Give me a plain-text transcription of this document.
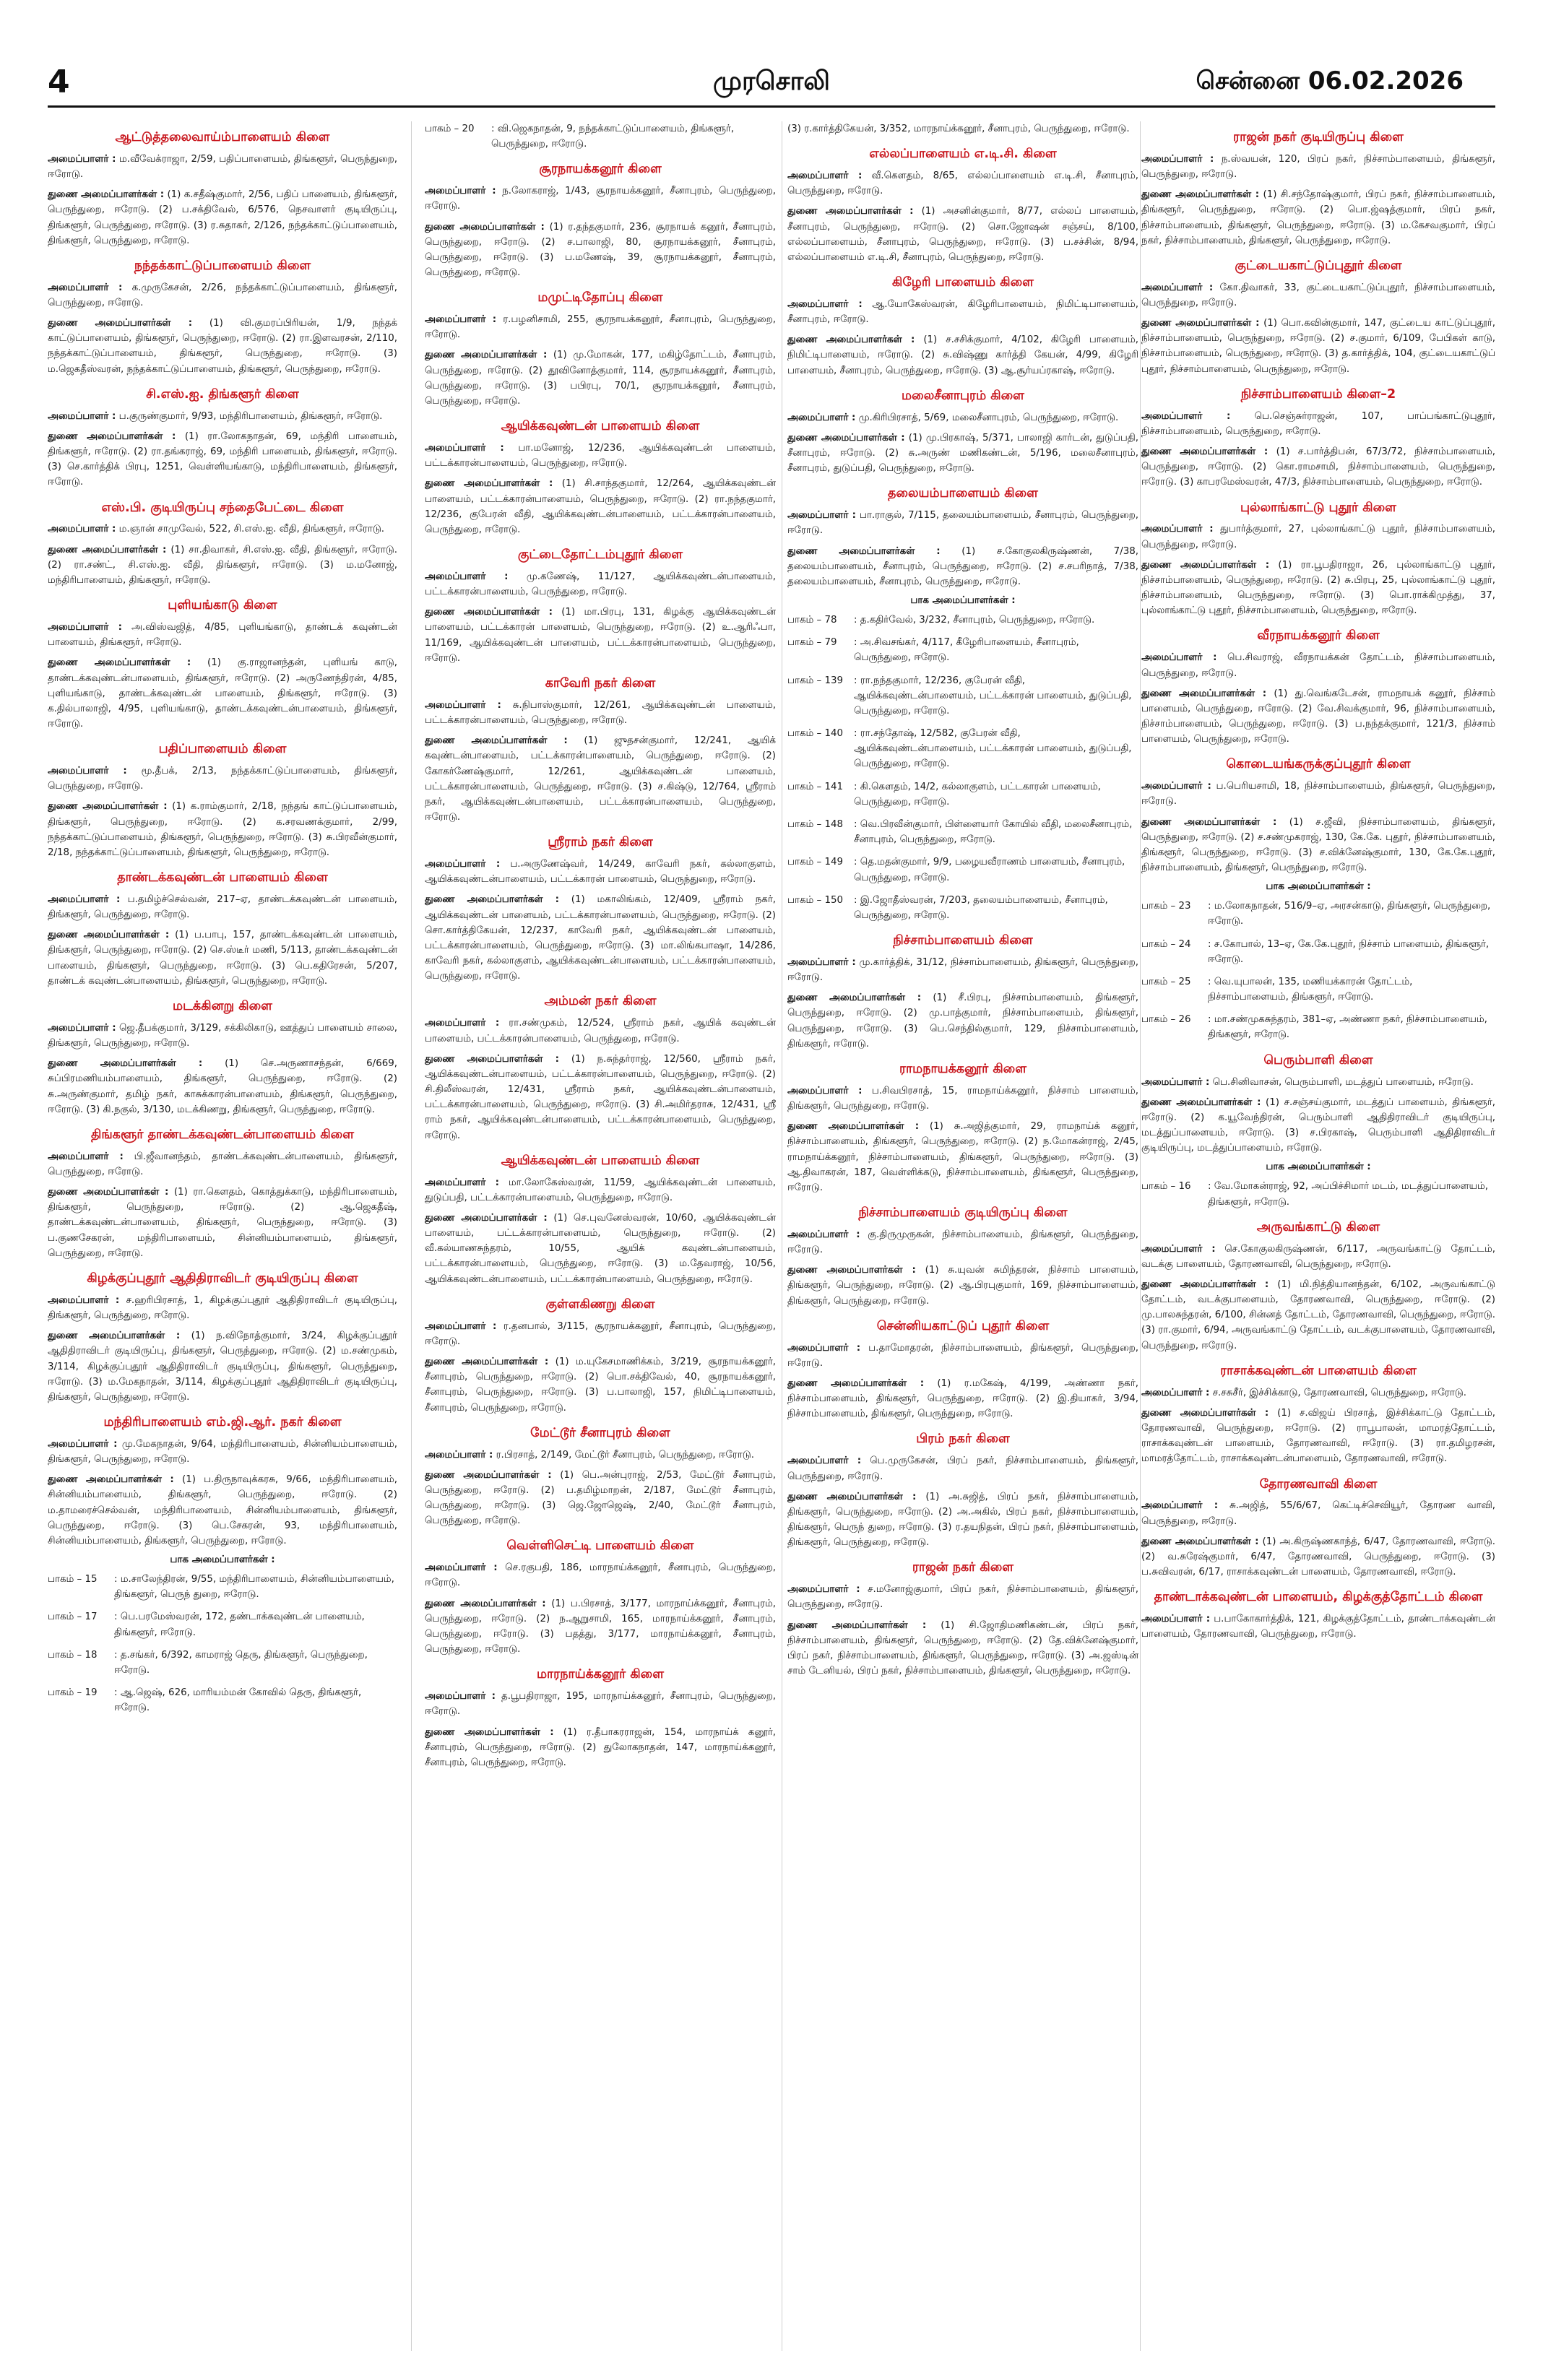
4	முரசொலி	சென்னை 06.02.2026
ஆட்டுத்தலைவாய்ம்பாளையம் கிளை

அமைப்பாளர் : ம.வீவேக்ராஜா, 2/59, பதிப்பாளையம், திங்களூர், பெருந்துறை, ஈரோடு.

துணை அமைப்பாளர்கள் : (1) க.சதீஷ்குமார், 2/56, பதிப் பாளையம், திங்களூர், பெருந்துறை, ஈரோடு. (2) ப.சக்திவேல், 6/576, நெசவாளர் குடியிருப்பு, திங்களூர், பெருந்துறை, ஈரோடு. (3) ர.சுதாகர், 2/126, நந்தக்காட்டுப்பாளையம், திங்களூர், பெருந்துறை, ஈரோடு.

நந்தக்காட்டுப்பாளையம் கிளை

அமைப்பாளர் : க.முருகேசன், 2/26, நந்தக்காட்டுப்பாளையம், திங்களூர், பெருந்துறை, ஈரோடு.

துணை அமைப்பாளர்கள் : (1) வி.குமரப்பிரியன், 1/9, நந்தக் காட்டுப்பாளையம், திங்களூர், பெருந்துறை, ஈரோடு. (2) ரா.இளவரசன், 2/110, நந்தக்காட்டுப்பாளையம், திங்களூர், பெருந்துறை, ஈரோடு. (3) ம.ஜெகதீஸ்வரன், நந்தக்காட்டுப்பாளையம், திங்களூர், பெருந்துறை, ஈரோடு.

சி.எஸ்.ஐ. திங்களூர் கிளை

அமைப்பாளர் : ப.குருண்குமார், 9/93, மந்திரிபாளையம், திங்களூர், ஈரோடு.

துணை அமைப்பாளர்கள் : (1) ரா.லோகநாதன், 69, மந்திரி பாளையம், திங்களூர், ஈரோடு. (2) ரா.தங்கராஜ், 69, மந்திரி பாளையம், திங்களூர், ஈரோடு. (3) செ.கார்த்திக் பிரபு, 1251, வெள்ளியங்காடு, மந்திரிபாளையம், திங்களூர், ஈரோடு.

எஸ்.பி. குடியிருப்பு சந்தைபேட்டை கிளை

அமைப்பாளர் : ம.ஞான் சாமுவேல், 522, சி.எஸ்.ஐ. வீதி, திங்களூர், ஈரோடு.

துணை அமைப்பாளர்கள் : (1) சா.திவாகர், சி.எஸ்.ஐ. வீதி, திங்களூர், ஈரோடு. (2) ரா.சண்ட், சி.எஸ்.ஐ. வீதி, திங்களூர், ஈரோடு. (3) ம.மனோஜ், மந்திரிபாளையம், திங்களூர், ஈரோடு.

புளியங்காடு கிளை

அமைப்பாளர் : அ.விஸ்வஜித், 4/85, புளியங்காடு, தாண்டக் கவுண்டன் பாளையம், திங்களூர், ஈரோடு.

துணை அமைப்பாளர்கள் : (1) கு.ராஜானந்தன், புளியங் காடு, தாண்டக்கவுண்டன்பாளையம், திங்களூர், ஈரோடு. (2) அருணேந்திரன், 4/85, புளியங்காடு, தாண்டக்கவுண்டன் பாளையம், திங்களூர், ஈரோடு. (3) க.தில்பாலாஜி, 4/95, புளியங்காடு, தாண்டக்கவுண்டன்பாளையம், திங்களூர், ஈரோடு.

பதிப்பாளையம் கிளை

அமைப்பாளர் : மூ.தீபக், 2/13, நந்தக்காட்டுப்பாளையம், திங்களூர், பெருந்துறை, ஈரோடு.

துணை அமைப்பாளர்கள் : (1) க.ராம்குமார், 2/18, நந்தங் காட்டுப்பாளையம், திங்களூர், பெருந்துறை, ஈரோடு. (2) க.சரவணக்குமார், 2/99, நந்தக்காட்டுப்பாளையம், திங்களூர், பெருந்துறை, ஈரோடு. (3) சு.பிரவீன்குமார், 2/18, நந்தக்காட்டுப்பாளையம், திங்களூர், பெருந்துறை, ஈரோடு.

தாண்டக்கவுண்டன் பாளையம் கிளை

அமைப்பாளர் : ப.தமிழ்ச்செல்வன், 217–ஏ, தாண்டக்கவுண்டன் பாளையம், திங்களூர், பெருந்துறை, ஈரோடு.

துணை அமைப்பாளர்கள் : (1) ப.பாபு, 157, தாண்டக்கவுண்டன் பாளையம், திங்களூர், பெருந்துறை, ஈரோடு. (2) செ.ஸ்டீர் மணி, 5/113, தாண்டக்கவுண்டன் பாளையம், திங்களூர், பெருந்துறை, ஈரோடு. (3) பெ.கதிரேசன், 5/207, தாண்டக் கவுண்டன்பாளையம், திங்களூர், பெருந்துறை, ஈரோடு.

மடக்கினறு கிளை

அமைப்பாளர் : ஜெ.தீபக்குமார், 3/129, சக்கிலிகாடு, ஊத்துப் பாளையம் சாலை, திங்களூர், பெருந்துறை, ஈரோடு.

துணை அமைப்பாளர்கள் : (1) செ.அருணாசந்தன், 6/669, சுப்பிரமணியம்பாளையம், திங்களூர், பெருந்துறை, ஈரோடு. (2) சு.அருண்குமார், தமிழ் நகர், காசுக்காரன்பாளையம், திங்களூர், பெருந்துறை, ஈரோடு. (3) கி.நகுல், 3/130, மடக்கிணறு, திங்களூர், பெருந்துறை, ஈரோடு.

திங்களூர் தாண்டக்கவுண்டன்பாளையம் கிளை

அமைப்பாளர் : பி.ஜீவானந்தம், தாண்டக்கவுண்டன்பாளையம், திங்களூர், பெருந்துறை, ஈரோடு.

துணை அமைப்பாளர்கள் : (1) ரா.கௌதம், கொத்துக்காடு, மந்திரிபாளையம், திங்களூர், பெருந்துறை, ஈரோடு. (2) ஆ.ஜெகதீஷ், தாண்டக்கவுண்டன்பாளையம், திங்களூர், பெருந்துறை, ஈரோடு. (3) ப.குணசேகரன், மந்திரிபாளையம், சின்னியம்பாளையம், திங்களூர், பெருந்துறை, ஈரோடு.

கிழக்குப்புதூர் ஆதிதிராவிடர் குடியிருப்பு கிளை

அமைப்பாளர் : ச.ஹரிபிரசாத், 1, கிழக்குப்புதூர் ஆதிதிராவிடர் குடியிருப்பு, திங்களூர், பெருந்துறை, ஈரோடு.

துணை அமைப்பாளர்கள் : (1) ந.விநோத்குமார், 3/24, கிழக்குப்புதூர் ஆதிதிராவிடர் குடியிருப்பு, திங்களூர், பெருந்துறை, ஈரோடு. (2) ம.சண்முகம், 3/114, கிழக்குப்புதூர் ஆதிதிராவிடர் குடியிருப்பு, திங்களூர், பெருந்துறை, ஈரோடு. (3) ம.மேகநாதன், 3/114, கிழக்குப்புதூர் ஆதிதிராவிடர் குடியிருப்பு, திங்களூர், பெருந்துறை, ஈரோடு.

மந்திரிபாளையம் எம்.ஜி.ஆர். நகர் கிளை

அமைப்பாளர் : மு.மேகநாதன், 9/64, மந்திரிபாளையம், சின்னியம்பாளையம், திங்களூர், பெருந்துறை, ஈரோடு.

துணை அமைப்பாளர்கள் : (1) ப.திருநாவுக்கரசு, 9/66, மந்திரிபாளையம், சின்னியம்பாளையம், திங்களூர், பெருந்துறை, ஈரோடு. (2) ம.தாமரைச்செல்வன், மந்திரிபாளையம், சின்னியம்பாளையம், திங்களூர், பெருந்துறை, ஈரோடு. (3) பெ.சேகரன், 93, மந்திரிபாளையம், சின்னியம்பாளையம், திங்களூர், பெருந்துறை, ஈரோடு.

பாக அமைப்பாளர்கள் :
பாகம் – 15	: ம.சாலேந்திரன், 9/55, மந்திரிபாளையம், சின்னியம்பாளையம், திங்களூர், பெருந் துறை, ஈரோடு.
பாகம் – 17	: பெ.பரமேஸ்வரன், 172, தண்டாக்கவுண்டன் பாளையம், திங்களூர், ஈரோடு.
பாகம் – 18	: த.சங்கர், 6/392, காமராஜ் தெரு, திங்களூர், பெருந்துறை, ஈரோடு.
பாகம் – 19	: ஆ.ஜெஷ், 626, மாரியம்மன் கோவில் தெரு, திங்களூர், ஈரோடு.
பாகம் – 20	: வி.ஜெகநாதன், 9, நந்தக்காட்டுப்பாளையம், திங்களூர், பெருந்துறை, ஈரோடு.
சூரநாயக்கனூர் கிளை

அமைப்பாளர் : ந.லோகராஜ், 1/43, சூரநாயக்கனூர், சீனாபுரம், பெருந்துறை, ஈரோடு.

துணை அமைப்பாளர்கள் : (1) ர.தந்தகுமார், 236, சூரநாயக் கனூர், சீனாபுரம், பெருந்துறை, ஈரோடு. (2) ச.பாலாஜி, 80, சூரநாயக்கனூர், சீனாபுரம், பெருந்துறை, ஈரோடு. (3) ப.மணேஷ், 39, சூரநாயக்கனூர், சீனாபுரம், பெருந்துறை, ஈரோடு.

மமுட்டிதோப்பு கிளை

அமைப்பாளர் : ர.பழனிசாமி, 255, சூரநாயக்கனூர், சீனாபுரம், பெருந்துறை, ஈரோடு.

துணை அமைப்பாளர்கள் : (1) மு.மோகன், 177, மகிழ்தோட்டம், சீனாபுரம், பெருந்துறை, ஈரோடு. (2) தூவினோத்குமார், 114, சூரநாயக்கனூர், சீனாபுரம், பெருந்துறை, ஈரோடு. (3) பபிரபு, 70/1, சூரநாயக்கனூர், சீனாபுரம், பெருந்துறை, ஈரோடு.

ஆயிக்கவுண்டன் பாளையம் கிளை

அமைப்பாளர் : பா.மனோஜ், 12/236, ஆயிக்கவுண்டன் பாளையம், பட்டக்காரன்பாளையம், பெருந்துறை, ஈரோடு.

துணை அமைப்பாளர்கள் : (1) சி.சாந்தகுமார், 12/264, ஆயிக்கவுண்டன் பாளையம், பட்டக்காரன்பாளையம், பெருந்துறை, ஈரோடு. (2) ரா.நந்தகுமார், 12/236, குபேரன் வீதி, ஆயிக்கவுண்டன்பாளையம், பட்டக்காரன்பாளையம், பெருந்துறை, ஈரோடு.

குட்டைதோட்டம்புதூர் கிளை

அமைப்பாளர் : மு.கணேஷ், 11/127, ஆயிக்கவுண்டன்பாளையம், பட்டக்காரன்பாளையம், பெருந்துறை, ஈரோடு.

துணை அமைப்பாளர்கள் : (1) மா.பிரபு, 131, கிழக்கு ஆயிக்கவுண்டன் பாளையம், பட்டக்காரன் பாளையம், பெருந்துறை, ஈரோடு. (2) உ.ஆரிஃபா, 11/169, ஆயிக்கவுண்டன் பாளையம், பட்டக்காரன்பாளையம், பெருந்துறை, ஈரோடு.

காவேரி நகர் கிளை

அமைப்பாளர் : சு.நிபாஸ்குமார், 12/261, ஆயிக்கவுண்டன் பாளையம், பட்டக்காரன்பாளையம், பெருந்துறை, ஈரோடு.

துணை அமைப்பாளர்கள் : (1) ஜுதசன்குமார், 12/241, ஆயிக் கவுண்டன்பாளையம், பட்டக்காரன்பாளையம், பெருந்துறை, ஈரோடு. (2) கோகர்ணேஷ்குமார், 12/261, ஆயிக்கவுண்டன் பாளையம், பட்டக்காரன்பாளையம், பெருந்துறை, ஈரோடு. (3) ச.கிஷ்டு, 12/764, ஸ்ரீராம் நகர், ஆயிக்கவுண்டன்பாளையம், பட்டக்காரன்பாளையம், பெருந்துறை, ஈரோடு.

ஸ்ரீராம் நகர் கிளை

அமைப்பாளர் : ப.அருணேஷ்வர், 14/249, காவேரி நகர், கல்லாகுளம், ஆயிக்கவுண்டன்பாளையம், பட்டக்காரன் பாளையம், பெருந்துறை, ஈரோடு.

துணை அமைப்பாளர்கள் : (1) மகாலிங்கம், 12/409, ஸ்ரீராம் நகர், ஆயிக்கவுண்டன் பாளையம், பட்டக்காரன்பாளையம், பெருந்துறை, ஈரோடு. (2) சொ.கார்த்திகேயன், 12/237, காவேரி நகர், ஆயிக்கவுண்டன் பாளையம், பட்டக்காரன்பாளையம், பெருந்துறை, ஈரோடு. (3) மா.லிங்கபாஷா, 14/286, காவேரி நகர், கல்லாகுளம், ஆயிக்கவுண்டன்பாளையம், பட்டக்காரன்பாளையம், பெருந்துறை, ஈரோடு.

அம்மன் நகர் கிளை

அமைப்பாளர் : ரா.சண்முகம், 12/524, ஸ்ரீராம் நகர், ஆயிக் கவுண்டன் பாளையம், பட்டக்காரன்பாளையம், பெருந்துறை, ஈரோடு.

துணை அமைப்பாளர்கள் : (1) ந.சுந்தர்ராஜ், 12/560, ஸ்ரீராம் நகர், ஆயிக்கவுண்டன்பாளையம், பட்டக்காரன்பாளையம், பெருந்துறை, ஈரோடு. (2) சி.திலீஸ்வரன், 12/431, ஸ்ரீராம் நகர், ஆயிக்கவுண்டன்பாளையம், பட்டக்காரன்பாளையம், பெருந்துறை, ஈரோடு. (3) சி.அமிர்தராசு, 12/431, ஸ்ரீ ராம் நகர், ஆயிக்கவுண்டன்பாளையம், பட்டக்காரன்பாளையம், பெருந்துறை, ஈரோடு.

ஆயிக்கவுண்டன் பாளையம் கிளை

அமைப்பாளர் : மா.லோகேஸ்வரன், 11/59, ஆயிக்கவுண்டன் பாளையம், துடுப்பதி, பட்டக்காரன்பாளையம், பெருந்துறை, ஈரோடு.

துணை அமைப்பாளர்கள் : (1) செ.புவனேஸ்வரன், 10/60, ஆயிக்கவுண்டன் பாளையம், பட்டக்காரன்பாளையம், பெருந்துறை, ஈரோடு. (2) வீ.கல்யாணசுந்தரம், 10/55, ஆயிக் கவுண்டன்பாளையம், பட்டக்காரன்பாளையம், பெருந்துறை, ஈரோடு. (3) ம.தேவராஜ், 10/56, ஆயிக்கவுண்டன்பாளையம், பட்டக்காரன்பாளையம், பெருந்துறை, ஈரோடு.

குள்ளகிணறு கிளை

அமைப்பாளர் : ர.தனபால், 3/115, சூரநாயக்கனூர், சீனாபுரம், பெருந்துறை, ஈரோடு.

துணை அமைப்பாளர்கள் : (1) ம.யுகேசமாணிக்கம், 3/219, சூரநாயக்கனூர், சீனாபுரம், பெருந்துறை, ஈரோடு. (2) பொ.சக்திவேல், 40, சூரநாயக்கனூர், சீனாபுரம், பெருந்துறை, ஈரோடு. (3) ப.பாலாஜி, 157, நிமிட்டிபாளையம், சீனாபுரம், பெருந்துறை, ஈரோடு.

மேட்டூர் சீனாபுரம் கிளை

அமைப்பாளர் : ர.பிரசாத், 2/149, மேட்டூர் சீனாபுரம், பெருந்துறை, ஈரோடு.

துணை அமைப்பாளர்கள் : (1) பெ.அன்புராஜ், 2/53, மேட்டூர் சீனாபுரம், பெருந்துறை, ஈரோடு. (2) ப.தமிழ்மாறன், 2/187, மேட்டூர் சீனாபுரம், பெருந்துறை, ஈரோடு. (3) ஜெ.ஜோஜெஷ், 2/40, மேட்டூர் சீனாபுரம், பெருந்துறை, ஈரோடு.

வெள்ளிசெட்டி பாளையம் கிளை

அமைப்பாளர் : செ.ரகுபதி, 186, மாரநாய்க்கனூர், சீனாபுரம், பெருந்துறை, ஈரோடு.

துணை அமைப்பாளர்கள் : (1) ப.பிரசாத், 3/177, மாரநாய்க்கனூர், சீனாபுரம், பெருந்துறை, ஈரோடு. (2) ந.ஆறுசாமி, 165, மாரநாய்க்கனூர், சீனாபுரம், பெருந்துறை, ஈரோடு. (3) பதத்து, 3/177, மாரநாய்க்கனூர், சீனாபுரம், பெருந்துறை, ஈரோடு.

மாரநாய்க்கனூர் கிளை

அமைப்பாளர் : த.பூபதிராஜா, 195, மாரநாய்க்கனூர், சீனாபுரம், பெருந்துறை, ஈரோடு.

துணை அமைப்பாளர்கள் : (1) ர.தீபாகரராஜன், 154, மாரநாய்க் கனூர், சீனாபுரம், பெருந்துறை, ஈரோடு. (2) துலோகநாதன், 147, மாரநாய்க்கனூர், சீனாபுரம், பெருந்துறை, ஈரோடு.

(3) ர.கார்த்திகேயன், 3/352, மாரநாய்க்கனூர், சீனாபுரம், பெருந்துறை, ஈரோடு.

எல்லப்பாளையம் எ.டி.சி. கிளை

அமைப்பாளர் : வீ.கௌதம், 8/65, எல்லப்பாளையம் எ.டி.சி, சீனாபுரம், பெருந்துறை, ஈரோடு.

துணை அமைப்பாளர்கள் : (1) அசனின்குமார், 8/77, எல்லப் பாளையம், சீனாபுரம், பெருந்துறை, ஈரோடு. (2) சொ.ஜோஷன் சஞ்சய், 8/100, எல்லப்பாளையம், சீனாபுரம், பெருந்துறை, ஈரோடு. (3) ப.சச்சின், 8/94, எல்லப்பாளையம் எ.டி.சி, சீனாபுரம், பெருந்துறை, ஈரோடு.

கிழேரி பாளையம் கிளை

அமைப்பாளர் : ஆ.யோகேஸ்வரன், கிழேரிபாளையம், நிமிட்டிபாளையம், சீனாபுரம், ஈரோடு.

துணை அமைப்பாளர்கள் : (1) ச.சசிக்குமார், 4/102, கிழேரி பாளையம், நிமிட்டிபாளையம், ஈரோடு. (2) சு.விஷ்ணு கார்த்தி கேயன், 4/99, கிழேரி பாளையம், சீனாபுரம், பெருந்துறை, ஈரோடு. (3) ஆ.சூர்யப்ரகாஷ், ஈரோடு.

மலைசீனாபுரம் கிளை

அமைப்பாளர் : மு.கிரிபிரசாத், 5/69, மலைசீனாபுரம், பெருந்துறை, ஈரோடு.

துணை அமைப்பாளர்கள் : (1) மு.பிரகாஷ், 5/371, பாலாஜி கார்டன், துடுப்பதி, சீனாபுரம், ஈரோடு. (2) சு.அருண் மணிகண்டன், 5/196, மலைசீனாபுரம், சீனாபுரம், துடுப்பதி, பெருந்துறை, ஈரோடு.

தலையம்பாளையம் கிளை

அமைப்பாளர் : பா.ராகுல், 7/115, தலையம்பாளையம், சீனாபுரம், பெருந்துறை, ஈரோடு.

துணை அமைப்பாளர்கள் : (1) ச.கோகுலகிருஷ்ணன், 7/38, தலையம்பாளையம், சீனாபுரம், பெருந்துறை, ஈரோடு. (2) ச.சபரிநாத், 7/38, தலையம்பாளையம், சீனாபுரம், பெருந்துறை, ஈரோடு.

பாக அமைப்பாளர்கள் :
பாகம் – 78	: த.கதிர்வேல், 3/232, சீனாபுரம், பெருந்துறை, ஈரோடு.
பாகம் – 79	: அ.சிவசங்கர், 4/117, கீழேரிபாளையம், சீனாபுரம், பெருந்துறை, ஈரோடு.
பாகம் – 139	: ரா.நந்தகுமார், 12/236, குபேரன் வீதி, ஆயிக்கவுண்டன்பாளையம், பட்டக்காரன் பாளையம், துடுப்பதி, பெருந்துறை, ஈரோடு.
பாகம் – 140	: ரா.சந்தோஷ், 12/582, குபேரன் வீதி, ஆயிக்கவுண்டன்பாளையம், பட்டக்காரன் பாளையம், துடுப்பதி, பெருந்துறை, ஈரோடு.
பாகம் – 141	: கி.கௌதம், 14/2, கல்லாகுளம், பட்டகாரன் பாளையம், பெருந்துறை, ஈரோடு.
பாகம் – 148	: வெ.பிரவீன்குமார், பிள்ளையார் கோயில் வீதி, மலைசீனாபுரம், சீனாபுரம், பெருந்துறை, ஈரோடு.
பாகம் – 149	: தெ.மதன்குமார், 9/9, பழையவீராணம் பாளையம், சீனாபுரம், பெருந்துறை, ஈரோடு.
பாகம் – 150	: இ.ஜோதீஸ்வரன், 7/203, தலையம்பாளையம், சீனாபுரம், பெருந்துறை, ஈரோடு.
நிச்சாம்பாளையம் கிளை

அமைப்பாளர் : மு.கார்த்திக், 31/12, நிச்சாம்பாளையம், திங்களூர், பெருந்துறை, ஈரோடு.

துணை அமைப்பாளர்கள் : (1) சீ.பிரபு, நிச்சாம்பாளையம், திங்களூர், பெருந்துறை, ஈரோடு. (2) மு.பாத்குமார், நிச்சாம்பாளையம், திங்களூர், பெருந்துறை, ஈரோடு. (3) பெ.செந்தில்குமார், 129, நிச்சாம்பாளையம், திங்களூர், ஈரோடு.

ராமநாயக்கனூர் கிளை

அமைப்பாளர் : ப.சிவபிரசாத், 15, ராமநாய்க்கனூர், நிச்சாம் பாளையம், திங்களூர், பெருந்துறை, ஈரோடு.

துணை அமைப்பாளர்கள் : (1) சு.அஜித்குமார், 29, ராமநாய்க் கனூர், நிச்சாம்பாளையம், திங்களூர், பெருந்துறை, ஈரோடு. (2) ந.மோகன்ராஜ், 2/45, ராமநாய்க்கனூர், நிச்சாம்பாளையம், திங்களூர், பெருந்துறை, ஈரோடு. (3) ஆ.திவாகரன், 187, வெள்ளிக்கடு, நிச்சாம்பாளையம், திங்களூர், பெருந்துறை, ஈரோடு.

நிச்சாம்பாளையம் குடியிருப்பு கிளை

அமைப்பாளர் : கு.திருமுருகன், நிச்சாம்பாளையம், திங்களூர், பெருந்துறை, ஈரோடு.

துணை அமைப்பாளர்கள் : (1) சு.யுவன் சுமிந்தரன், நிச்சாம் பாளையம், திங்களூர், பெருந்துறை, ஈரோடு. (2) ஆ.பிரபுகுமார், 169, நிச்சாம்பாளையம், திங்களூர், பெருந்துறை, ஈரோடு.

சென்னியகாட்டுப் புதூர் கிளை

அமைப்பாளர் : ப.தாமோதரன், நிச்சாம்பாளையம், திங்களூர், பெருந்துறை, ஈரோடு.

துணை அமைப்பாளர்கள் : (1) ர.மகேஷ், 4/199, அண்ணா நகர், நிச்சாம்பாளையம், திங்களூர், பெருந்துறை, ஈரோடு. (2) இ.தியாகர், 3/94, நிச்சாம்பாளையம், திங்களூர், பெருந்துறை, ஈரோடு.

பிரம் நகர் கிளை

அமைப்பாளர் : பெ.முருகேசன், பிரப் நகர், நிச்சாம்பாளையம், திங்களூர், பெருந்துறை, ஈரோடு.

துணை அமைப்பாளர்கள் : (1) அ.சுஜித், பிரப் நகர், நிச்சாம்பாளையம், திங்களூர், பெருந்துறை, ஈரோடு. (2) அ.அகில், பிரப் நகர், நிச்சாம்பாளையம், திங்களூர், பெருந் துறை, ஈரோடு. (3) ர.தயநிதன், பிரப் நகர், நிச்சாம்பாளையம், திங்களூர், பெருந்துறை, ஈரோடு.

ராஜன் நகர் கிளை

அமைப்பாளர் : ச.மனோஜ்குமார், பிரப் நகர், நிச்சாம்பாளையம், திங்களூர், பெருந்துறை, ஈரோடு.

துணை அமைப்பாளர்கள் : (1) சி.ஜோதிமணிகண்டன், பிரப் நகர், நிச்சாம்பாளையம், திங்களூர், பெருந்துறை, ஈரோடு. (2) தே.விக்னேஷ்குமார், பிரப் நகர், நிச்சாம்பாளையம், திங்களூர், பெருந்துறை, ஈரோடு. (3) அ.ஜஸ்டின் சாம் டேனியல், பிரப் நகர், நிச்சாம்பாளையம், திங்களூர், பெருந்துறை, ஈரோடு.

ராஜன் நகர் குடியிருப்பு கிளை

அமைப்பாளர் : ந.ஸ்வயன், 120, பிரப் நகர், நிச்சாம்பாளையம், திங்களூர், பெருந்துறை, ஈரோடு.

துணை அமைப்பாளர்கள் : (1) சி.சந்தோஷ்குமார், பிரப் நகர், நிச்சாம்பாளையம், திங்களூர், பெருந்துறை, ஈரோடு. (2) பொ.ஜ்ஷத்குமார், பிரப் நகர், நிச்சாம்பாளையம், திங்களூர், பெருந்துறை, ஈரோடு. (3) ம.கேசவகுமார், பிரப் நகர், நிச்சாம்பாளையம், திங்களூர், பெருந்துறை, ஈரோடு.

குட்டையகாட்டுப்புதூர் கிளை

அமைப்பாளர் : கோ.திவாகர், 33, குட்டையகாட்டுப்புதூர், நிச்சாம்பாளையம், பெருந்துறை, ஈரோடு.

துணை அமைப்பாளர்கள் : (1) பொ.கவின்குமார், 147, குட்டைய காட்டுப்புதூர், நிச்சாம்பாளையம், பெருந்துறை, ஈரோடு. (2) ச.குமார், 6/109, பேபிகள் காடு, நிச்சாம்பாளையம், பெருந்துறை, ஈரோடு. (3) த.கார்த்திக், 104, குட்டையகாட்டுப் புதூர், நிச்சாம்பாளையம், பெருந்துறை, ஈரோடு.

நிச்சாம்பாளையம் கிளை–2

அமைப்பாளர் : பெ.செஞ்சுர்ராஜன், 107, பாப்பங்காட்டுபுதூர், நிச்சாம்பாளையம், பெருந்துறை, ஈரோடு.

துணை அமைப்பாளர்கள் : (1) ச.பார்த்திபன், 67/3/72, நிச்சாம்பாளையம், பெருந்துறை, ஈரோடு. (2) கொ.ராமசாமி, நிச்சாம்பாளையம், பெருந்துறை, ஈரோடு. (3) காபரமேஸ்வரன், 47/3, நிச்சாம்பாளையம், பெருந்துறை, ஈரோடு.

புல்லாங்காட்டு புதூர் கிளை

அமைப்பாளர் : துபார்த்குமார், 27, புல்லாங்காட்டு புதூர், நிச்சாம்பாளையம், பெருந்துறை, ஈரோடு.

துணை அமைப்பாளர்கள் : (1) ரா.பூபதிராஜா, 26, புல்லாங்காட்டு புதூர், நிச்சாம்பாளையம், பெருந்துறை, ஈரோடு. (2) சு.பிரபு, 25, புல்லாங்காட்டு புதூர், நிச்சாம்பாளையம், பெருந்துறை, ஈரோடு. (3) பொ.ராக்கிமுத்து, 37, புல்லாங்காட்டு புதூர், நிச்சாம்பாளையம், பெருந்துறை, ஈரோடு.

வீரநாயக்கனூர் கிளை

அமைப்பாளர் : பெ.சிவராஜ், வீரநாயக்கன் தோட்டம், நிச்சாம்பாளையம், பெருந்துறை, ஈரோடு.

துணை அமைப்பாளர்கள் : (1) து.வெங்கடேசன், ராமநாயக் கனூர், நிச்சாம் பாளையம், பெருந்துறை, ஈரோடு. (2) வே.சிவக்குமார், 96, நிச்சாம்பாளையம், நிச்சாம்பாளையம், பெருந்துறை, ஈரோடு. (3) ப.நந்தக்குமார், 121/3, நிச்சாம் பாளையம், பெருந்துறை, ஈரோடு.

கொடையங்கருக்குப்புதூர் கிளை

அமைப்பாளர் : ப.பெரியசாமி, 18, நிச்சாம்பாளையம், திங்களூர், பெருந்துறை, ஈரோடு.

துணை அமைப்பாளர்கள் : (1) ச.ஜீவி, நிச்சாம்பாளையம், திங்களூர், பெருந்துறை, ஈரோடு. (2) ச.சண்முகராஜ், 130, கே.கே. புதூர், நிச்சாம்பாளையம், திங்களூர், பெருந்துறை, ஈரோடு. (3) ச.விக்னேஷ்குமார், 130, கே.கே.புதூர், நிச்சாம்பாளையம், திங்களூர், பெருந்துறை, ஈரோடு.

பாக அமைப்பாளர்கள் :
பாகம் – 23	: ம.லோகநாதன், 516/9–ஏ, அரசன்காடு, திங்களூர், பெருந்துறை, ஈரோடு.
பாகம் – 24	: ச.கோபால், 13–ஏ, கே.கே.புதூர், நிச்சாம் பாளையம், திங்களூர், ஈரோடு.
பாகம் – 25	: வெ.யுபாலன், 135, மணியக்காரன் தோட்டம், நிச்சாம்பாளையம், திங்களூர், ஈரோடு.
பாகம் – 26	: மா.சண்முகசுந்தரம், 381–ஏ, அண்ணா நகர், நிச்சாம்பாளையம், திங்களூர், ஈரோடு.
பெரும்பாளி கிளை

அமைப்பாளர் : பெ.சினிவாசன், பெரும்பாளி, மடத்துப் பாளையம், ஈரோடு.

துணை அமைப்பாளர்கள் : (1) ச.சஞ்சய்குமார், மடத்துப் பாளையம், திங்களூர், ஈரோடு. (2) க.யூவேந்திரன், பெரும்பாளி ஆதிதிராவிடர் குடியிருப்பு, மடத்துப்பாளையம், ஈரோடு. (3) ச.பிரகாஷ், பெரும்பாளி ஆதிதிராவிடர் குடியிருப்பு, மடத்துப்பாளையம், ஈரோடு.

பாக அமைப்பாளர்கள் :
பாகம் – 16	: வே.மோகன்ராஜ், 92, அப்பிச்சிமார் மடம், மடத்துப்பாளையம், திங்களூர், ஈரோடு.
அருவங்காட்டு கிளை

அமைப்பாளர் : செ.கோகுலகிருஷ்ணன், 6/117, அருவங்காட்டு தோட்டம், வடக்கு பாளையம், தோரணவாவி, பெருந்துறை, ஈரோடு.

துணை அமைப்பாளர்கள் : (1) மி.நித்தியானந்தன், 6/102, அருவங்காட்டு தோட்டம், வடக்குபாளையம், தோரணவாவி, பெருந்துறை, ஈரோடு. (2) மு.பாலசுந்தரன், 6/100, சின்னத் தோட்டம், தோரணவாவி, பெருந்துறை, ஈரோடு. (3) ரா.குமார், 6/94, அருவங்காட்டு தோட்டம், வடக்குபாளையம், தோரணவாவி, பெருந்துறை, ஈரோடு.

ராசாக்கவுண்டன் பாளையம் கிளை

அமைப்பாளர் : ச.சசுசீர், இச்சிக்காடு, தோரணவாவி, பெருந்துறை, ஈரோடு.

துணை அமைப்பாளர்கள் : (1) ச.விஜய் பிரசாத், இச்சிக்காட்டு தோட்டம், தோரணவாவி, பெருந்துறை, ஈரோடு. (2) ராபூபாலன், மாமரத்தோட்டம், ராசாக்கவுண்டன் பாளையம், தோரணவாவி, ஈரோடு. (3) ரா.தமிழரசன், மாமரத்தோட்டம், ராசாக்கவுண்டன்பாளையம், தோரணவாவி, ஈரோடு.

தோரணவாவி கிளை

அமைப்பாளர் : சு.அஜித், 55/6/67, கெட்டிச்செவியூர், தோரண வாவி, பெருந்துறை, ஈரோடு.

துணை அமைப்பாளர்கள் : (1) அ.கிருஷ்ணகாந்த், 6/47, தோரணவாவி, ஈரோடு. (2) வ.சுரேஷ்குமார், 6/47, தோரணவாவி, பெருந்துறை, ஈரோடு. (3) ப.சுவிவரன், 6/17, ராசாக்கவுண்டன் பாளையம், தோரணவாவி, ஈரோடு.

தாண்டாக்கவுண்டன் பாளையம், கிழக்குத்தோட்டம் கிளை

அமைப்பாளர் : ப.பாகோகார்த்திக், 121, கிழக்குத்தோட்டம், தாண்டாக்கவுண்டன் பாளையம், தோரணவாவி, பெருந்துறை, ஈரோடு.
